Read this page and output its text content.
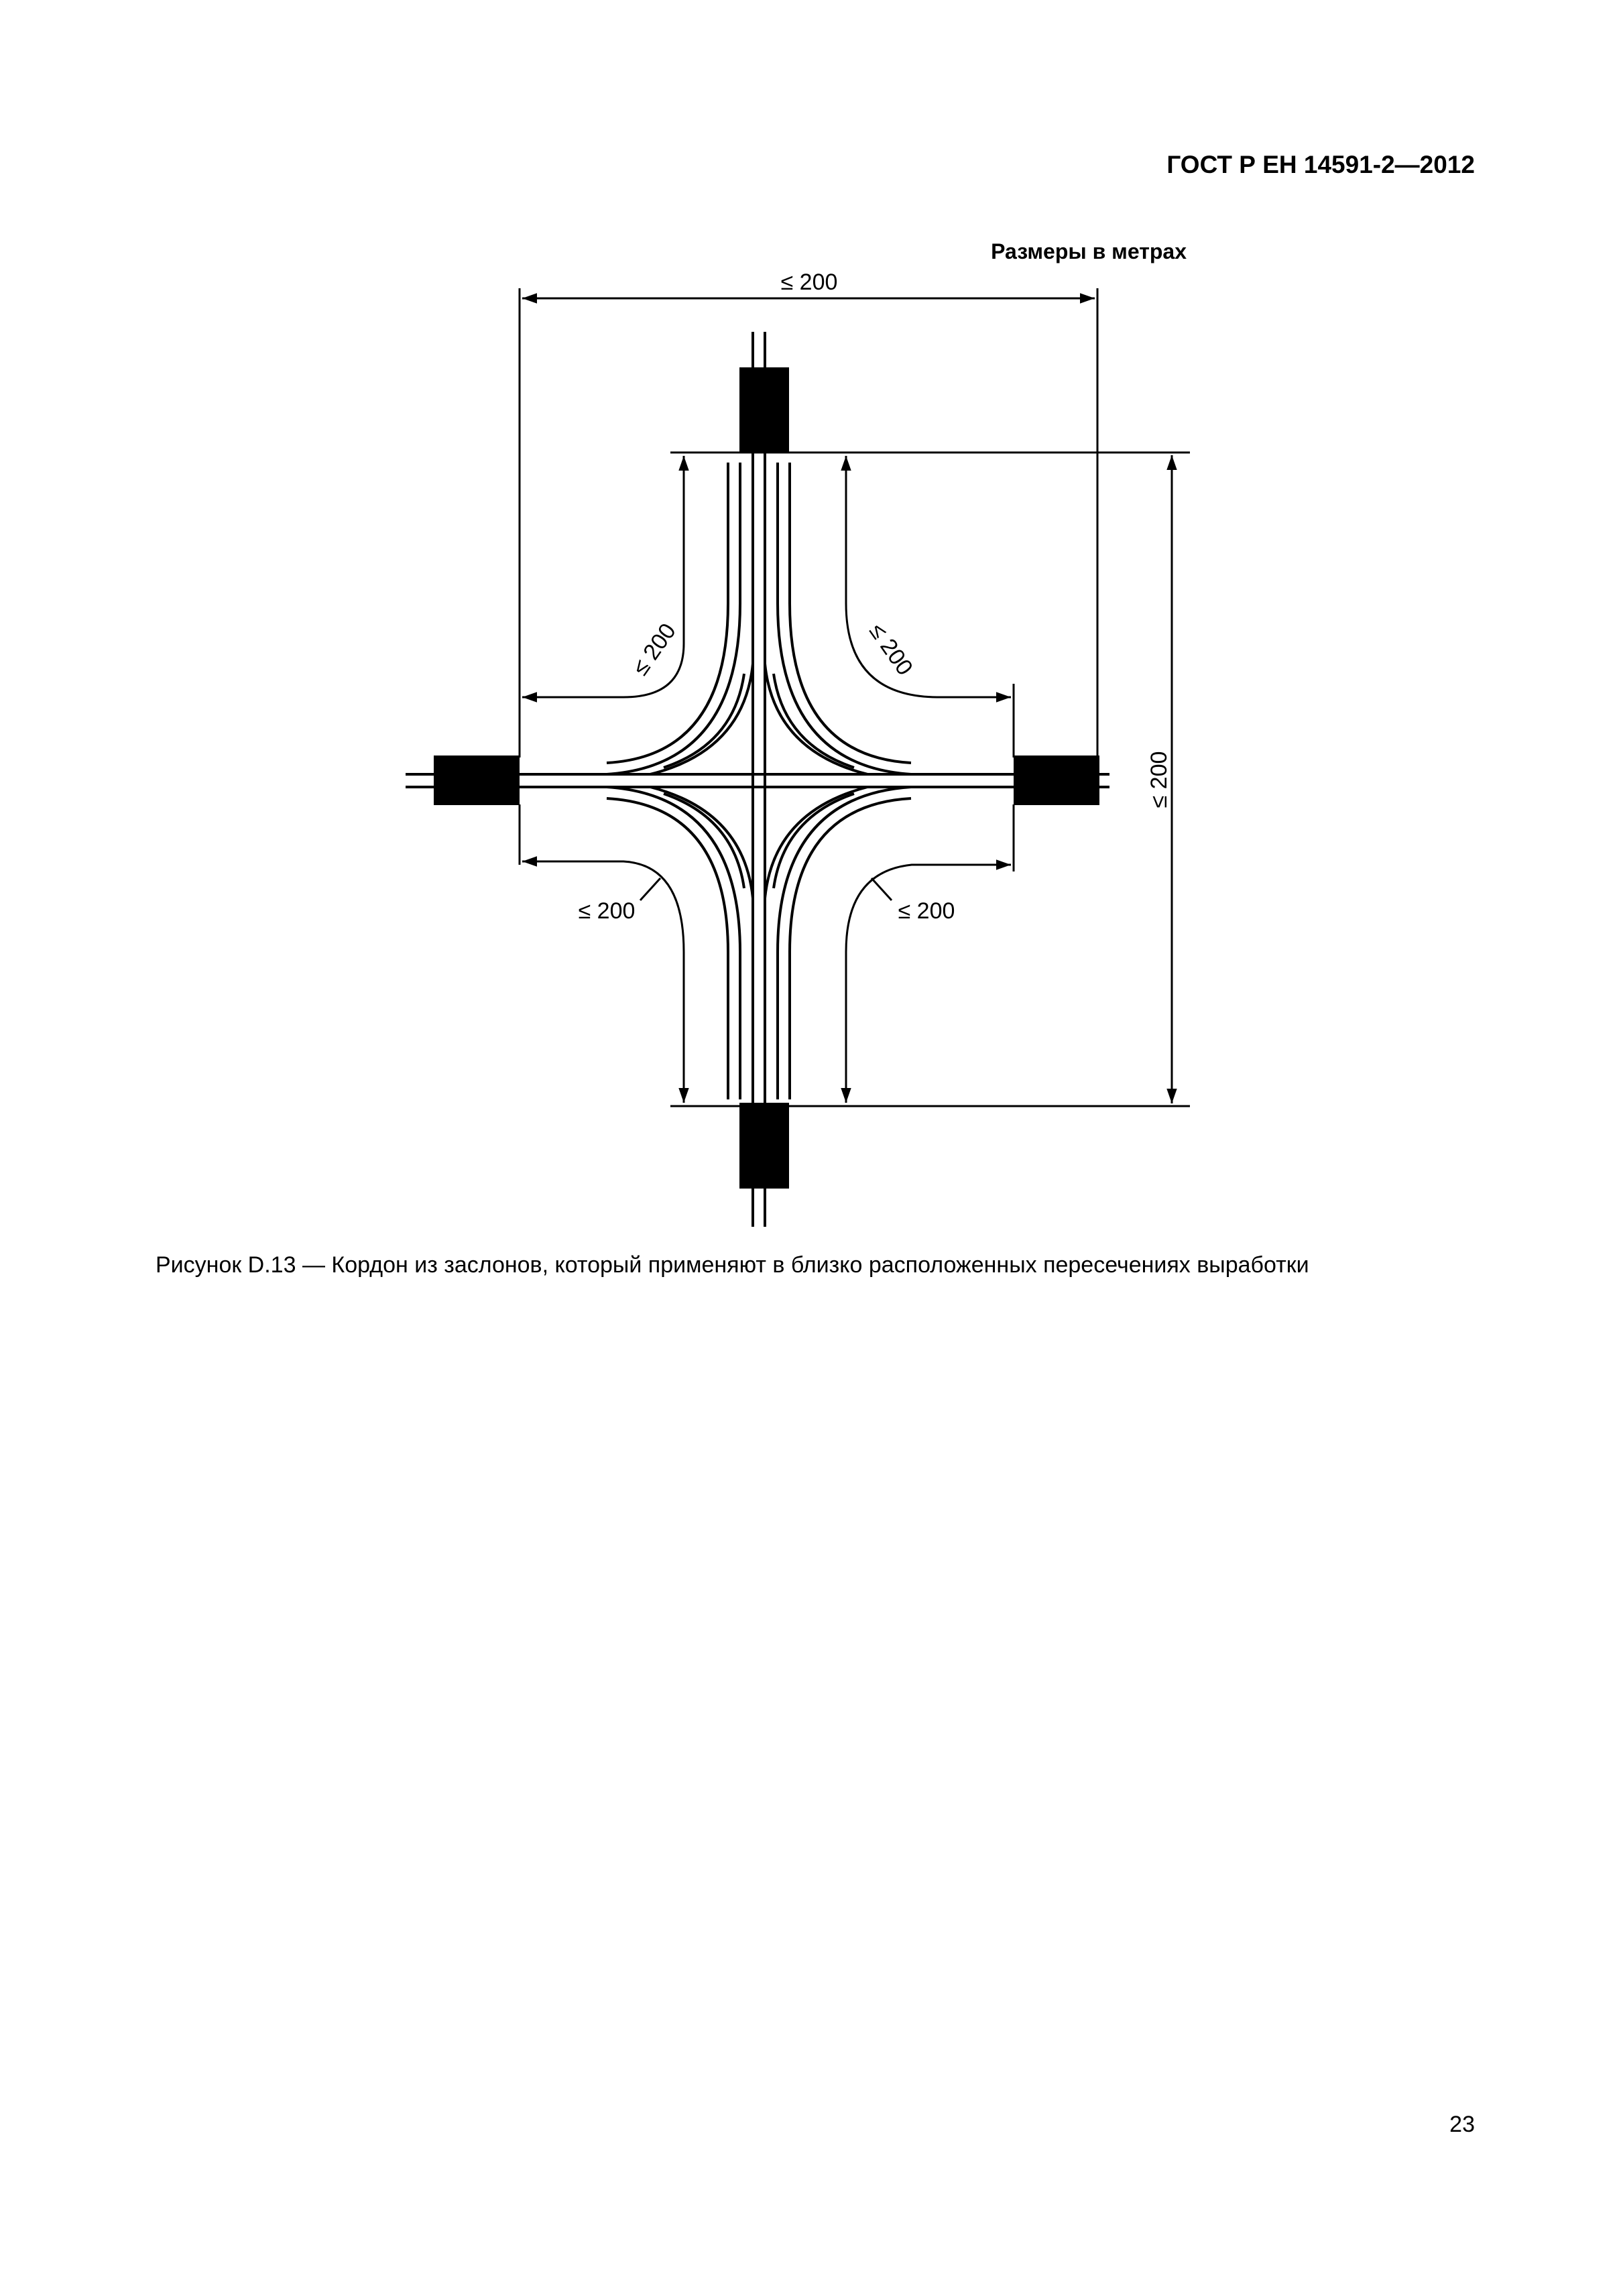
ГОСТ Р ЕН 14591-2—2012
Размеры в метрах
≤ 200
≤ 200
≤ 200	≤ 200
≤ 200	≤ 200
Рисунок D.13 — Кордон из заслонов, который применяют в близко расположенных пересечениях выработки
23
